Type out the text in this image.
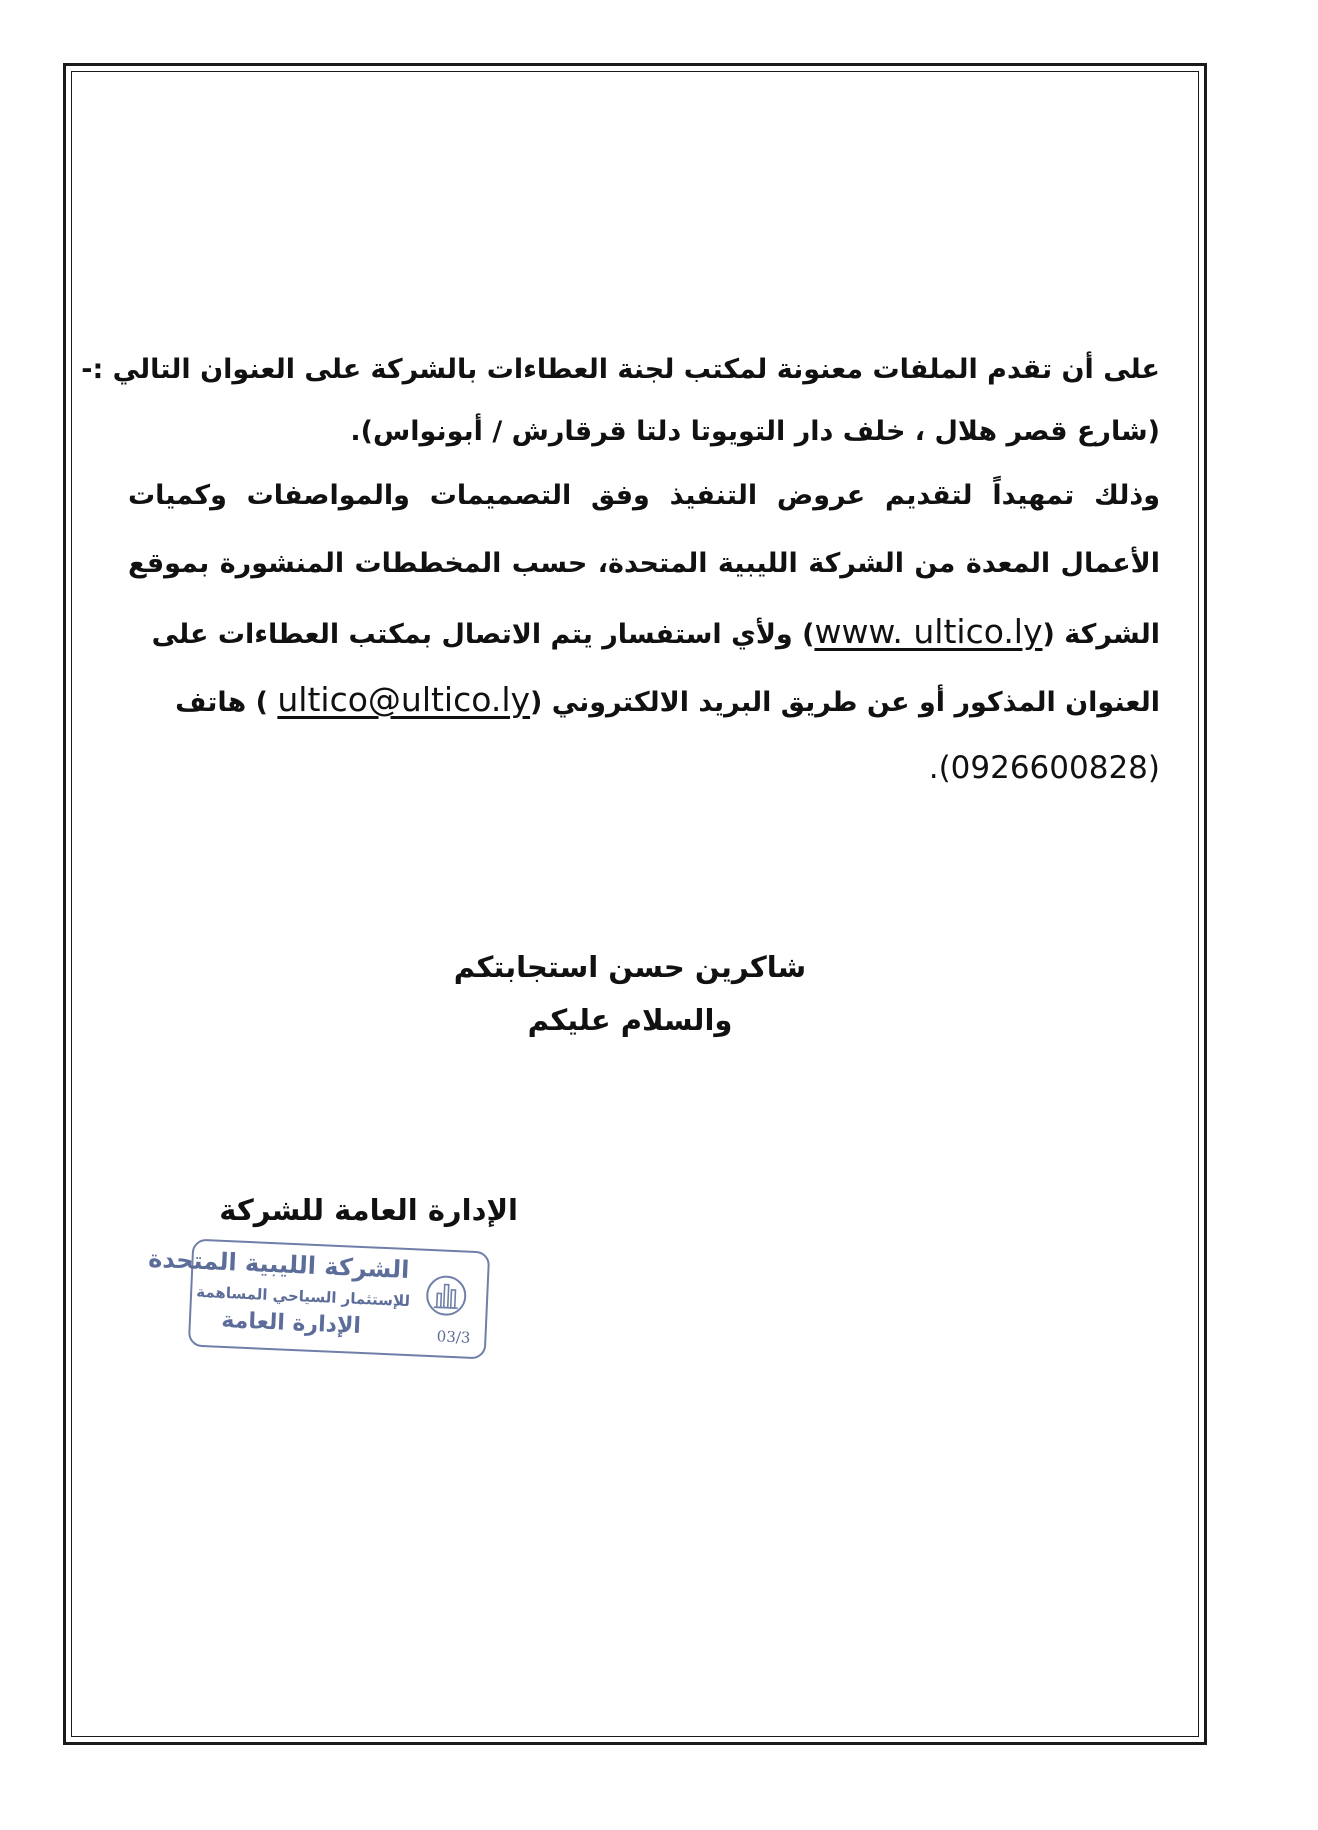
على أن تقدم الملفات معنونة لمكتب لجنة العطاءات بالشركة على العنوان التالي :-
(شارع قصر هلال ، خلف دار التويوتا دلتا قرقارش / أبونواس).
وذلك تمهيداً لتقديم عروض التنفيذ وفق التصميمات والمواصفات وكميات
الأعمال المعدة من الشركة الليبية المتحدة، حسب المخططات المنشورة بموقع
الشركة (www. ultico.ly) ولأي استفسار يتم الاتصال بمكتب العطاءات على
العنوان المذكور أو عن طريق البريد الالكتروني (ultico@ultico.ly ) هاتف
.(0926600828)
شاكرين حسن استجابتكم
والسلام عليكم
الإدارة العامة للشركة
الشركة الليبية المتحدة
للإستثمار السياحي المساهمة
الإدارة العامة	03/3
